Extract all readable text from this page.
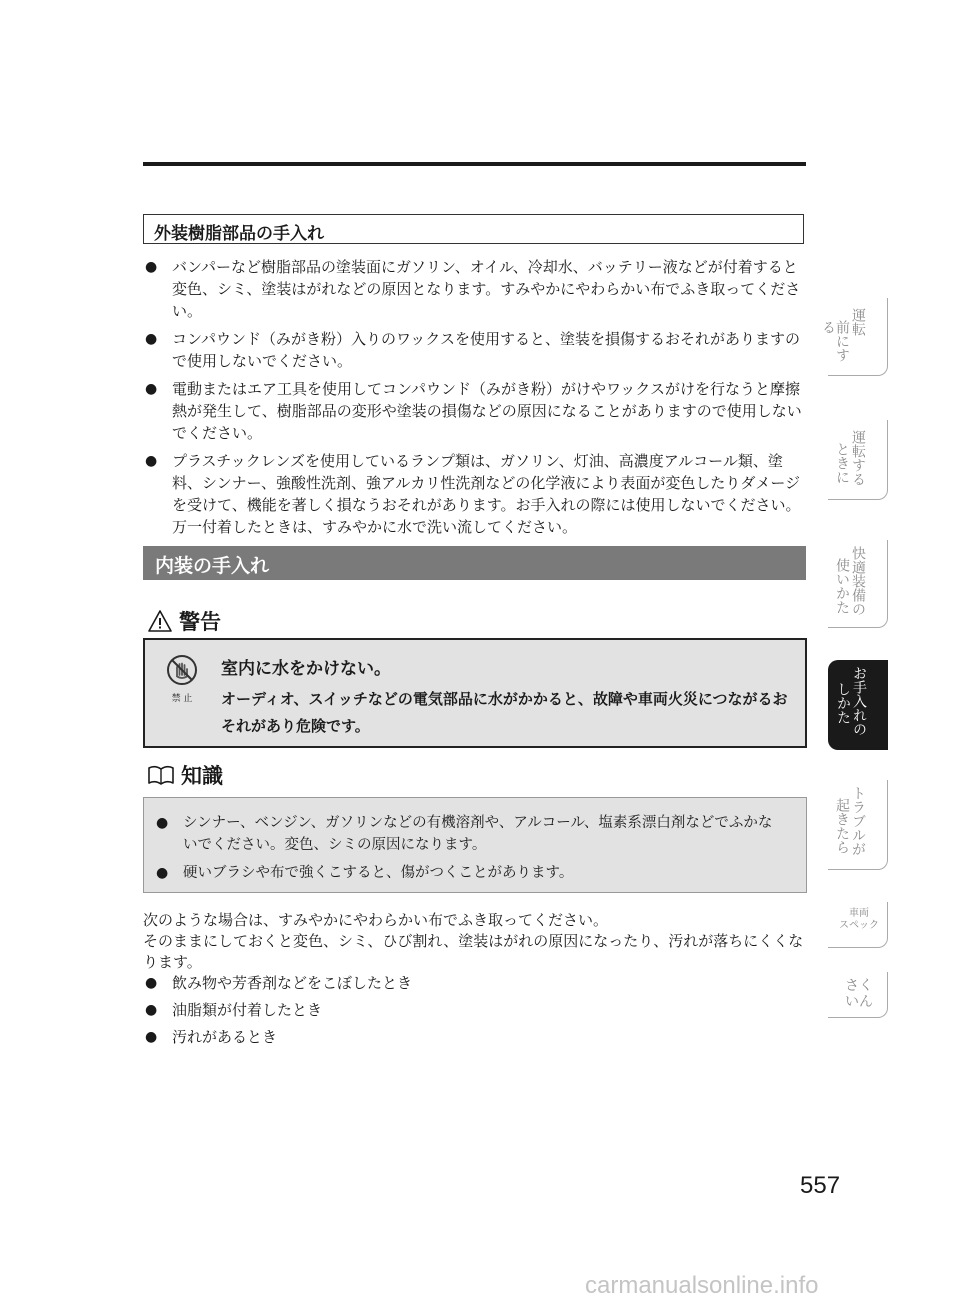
外装樹脂部品の手入れ
● バンパーなど樹脂部品の塗装面にガソリン、オイル、冷却水、バッテリー液などが付着すると変色、シミ、塗装はがれなどの原因となります。すみやかにやわらかい布でふき取ってください。
● コンパウンド（みがき粉）入りのワックスを使用すると、塗装を損傷するおそれがありますので使用しないでください。
● 電動またはエア工具を使用してコンパウンド（みがき粉）がけやワックスがけを行なうと摩擦熱が発生して、樹脂部品の変形や塗装の損傷などの原因になることがありますので使用しないでください。
● プラスチックレンズを使用しているランプ類は、ガソリン、灯油、高濃度アルコール類、塗料、シンナー、強酸性洗剤、強アルカリ性洗剤などの化学液により表面が変色したりダメージを受けて、機能を著しく損なうおそれがあります。お手入れの際には使用しないでください。万一付着したときは、すみやかに水で洗い流してください。
内装の手入れ
警告
禁 止
室内に水をかけない。
オーディオ、スイッチなどの電気部品に水がかかると、故障や車両火災につながるおそれがあり危険です。
知識
● シンナー、ベンジン、ガソリンなどの有機溶剤や、アルコール、塩素系漂白剤などでふかないでください。変色、シミの原因になります。
● 硬いブラシや布で強くこすると、傷がつくことがあります。
次のような場合は、すみやかにやわらかい布でふき取ってください。
そのままにしておくと変色、シミ、ひび割れ、塗装はがれの原因になったり、汚れが落ちにくくなります。
● 飲み物や芳香剤などをこぼしたとき
● 油脂類が付着したとき
● 汚れがあるとき
運転
前にする
運転する
ときに
快適装備の
使いかた
お手入れの
しかた
トラブルが
起きたら
車両
スペック
さく
いん
557
carmanualsonline.info
